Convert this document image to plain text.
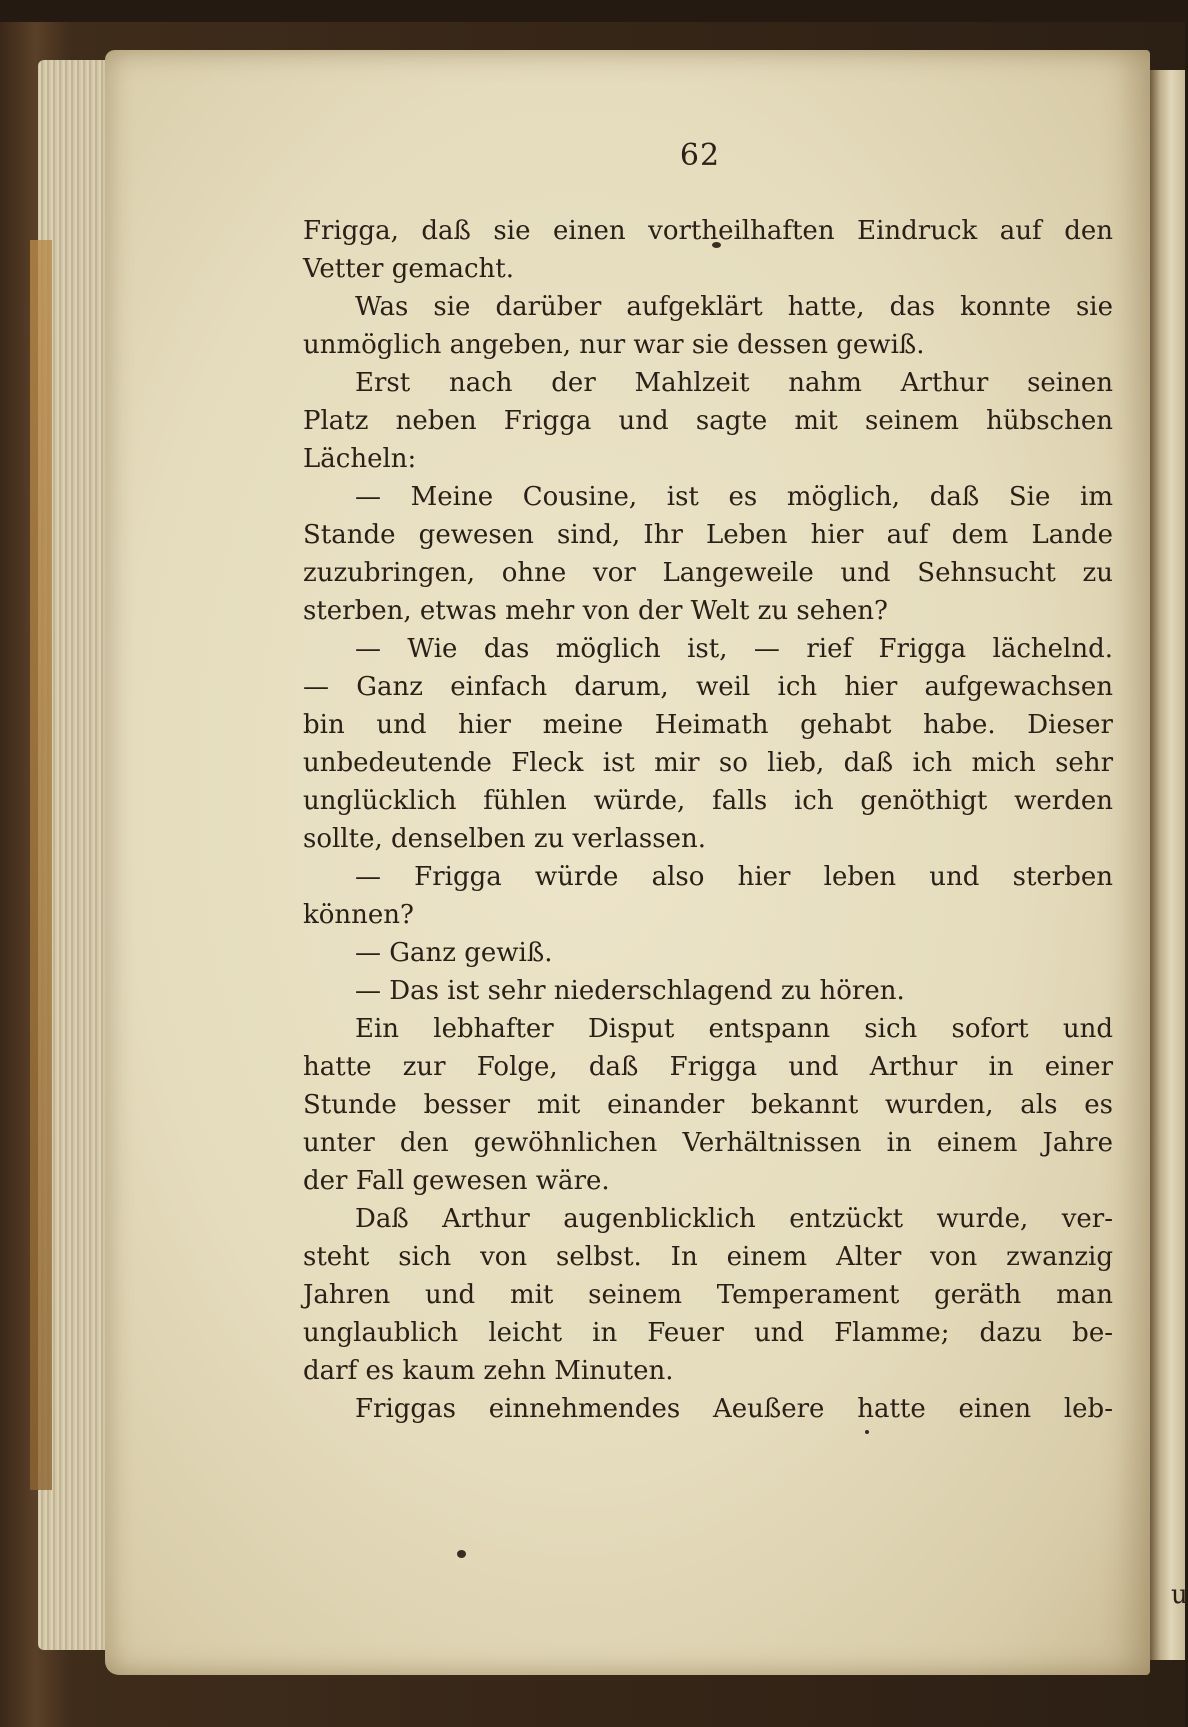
u
62
Frigga, daß sie einen vortheilhaften Eindruck auf den
Vetter gemacht.
Was sie darüber aufgeklärt hatte, das konnte sie
unmöglich angeben, nur war sie dessen gewiß.
Erst nach der Mahlzeit nahm Arthur seinen
Platz neben Frigga und sagte mit seinem hübschen
Lächeln:
— Meine Cousine, ist es möglich, daß Sie im
Stande gewesen sind, Ihr Leben hier auf dem Lande
zuzubringen, ohne vor Langeweile und Sehnsucht zu
sterben, etwas mehr von der Welt zu sehen?
— Wie das möglich ist, — rief Frigga lächelnd.
— Ganz einfach darum, weil ich hier aufgewachsen
bin und hier meine Heimath gehabt habe. Dieser
unbedeutende Fleck ist mir so lieb, daß ich mich sehr
unglücklich fühlen würde, falls ich genöthigt werden
sollte, denselben zu verlassen.
— Frigga würde also hier leben und sterben
können?
— Ganz gewiß.
— Das ist sehr niederschlagend zu hören.
Ein lebhafter Disput entspann sich sofort und
hatte zur Folge, daß Frigga und Arthur in einer
Stunde besser mit einander bekannt wurden, als es
unter den gewöhnlichen Verhältnissen in einem Jahre
der Fall gewesen wäre.
Daß Arthur augenblicklich entzückt wurde, ver-
steht sich von selbst. In einem Alter von zwanzig
Jahren und mit seinem Temperament geräth man
unglaublich leicht in Feuer und Flamme; dazu be-
darf es kaum zehn Minuten.
Friggas einnehmendes Aeußere hatte einen leb-
